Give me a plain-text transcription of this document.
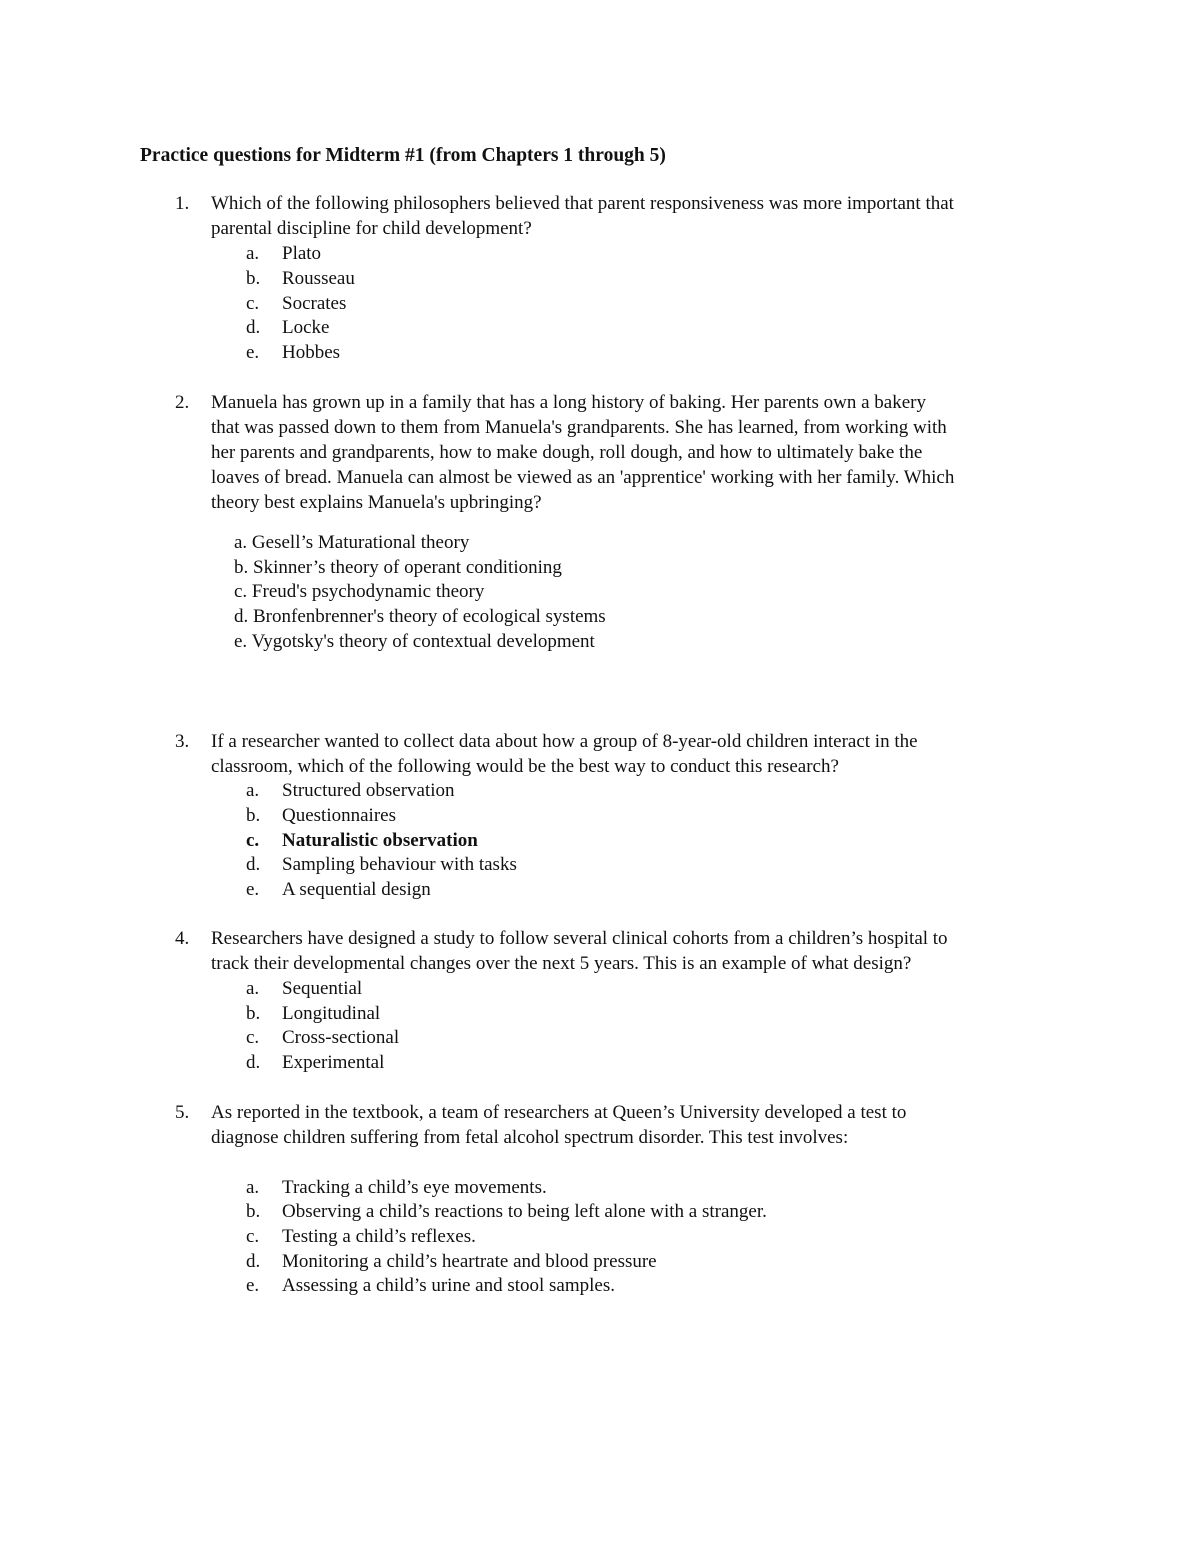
Practice questions for Midterm #1 (from Chapters 1 through 5)
1. Which of the following philosophers believed that parent responsiveness was more important that
parental discipline for child development?
a. Plato
b. Rousseau
c. Socrates
d. Locke
e. Hobbes
2. Manuela has grown up in a family that has a long history of baking. Her parents own a bakery
that was passed down to them from Manuela's grandparents. She has learned, from working with
her parents and grandparents, how to make dough, roll dough, and how to ultimately bake the
loaves of bread. Manuela can almost be viewed as an 'apprentice' working with her family. Which
theory best explains Manuela's upbringing?
a. Gesell’s Maturational theory
b. Skinner’s theory of operant conditioning
c. Freud's psychodynamic theory
d. Bronfenbrenner's theory of ecological systems
e. Vygotsky's theory of contextual development
3. If a researcher wanted to collect data about how a group of 8-year-old children interact in the
classroom, which of the following would be the best way to conduct this research?
a. Structured observation
b. Questionnaires
c. Naturalistic observation
d. Sampling behaviour with tasks
e. A sequential design
4. Researchers have designed a study to follow several clinical cohorts from a children’s hospital to
track their developmental changes over the next 5 years. This is an example of what design?
a. Sequential
b. Longitudinal
c. Cross-sectional
d. Experimental
5. As reported in the textbook, a team of researchers at Queen’s University developed a test to
diagnose children suffering from fetal alcohol spectrum disorder. This test involves:
a. Tracking a child’s eye movements.
b. Observing a child’s reactions to being left alone with a stranger.
c. Testing a child’s reflexes.
d. Monitoring a child’s heartrate and blood pressure
e. Assessing a child’s urine and stool samples.
